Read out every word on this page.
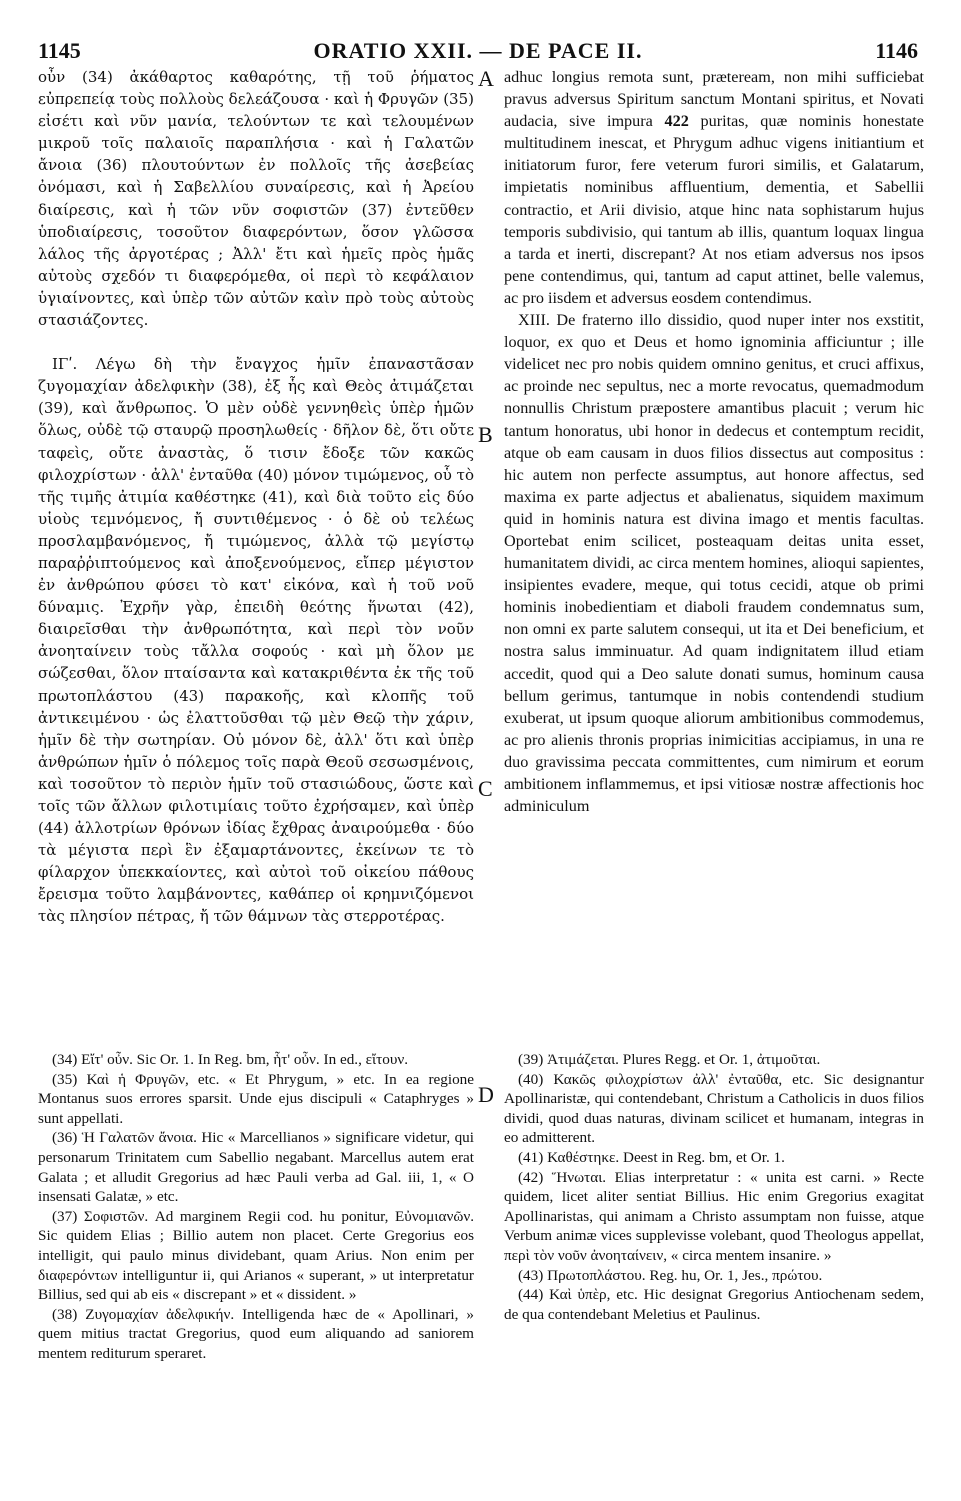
1145	ORATIO XXII. — DE PACE II.	1146
A
B
C
D

οὖν (34) ἀκάθαρτος καθαρότης, τῇ τοῦ ῥήματος εὐπρεπείᾳ τοὺς πολλοὺς δελεάζουσα · καὶ ἡ Φρυγῶν (35) εἰσέτι καὶ νῦν μανία, τελούντων τε καὶ τελουμένων μικροῦ τοῖς παλαιοῖς παραπλήσια · καὶ ἡ Γαλατῶν ἄνοια (36) πλουτούντων ἐν πολλοῖς τῆς ἀσεβείας ὀνόμασι, καὶ ἡ Σαβελλίου συναίρεσις, καὶ ἡ Ἀρείου διαίρεσις, καὶ ἡ τῶν νῦν σοφιστῶν (37) ἐντεῦθεν ὑποδιαίρεσις, τοσοῦτον διαφερόντων, ὅσον γλῶσσα λάλος τῆς ἀργοτέρας ; Ἀλλ' ἔτι καὶ ἡμεῖς πρὸς ἡμᾶς αὐτοὺς σχεδόν τι διαφερόμεθα, οἱ περὶ τὸ κεφάλαιον ὑγιαίνοντες, καὶ ὑπὲρ τῶν αὐτῶν καὶν πρὸ τοὺς αὐτοὺς στασιάζοντες.

ΙΓʹ. Λέγω δὴ τὴν ἔναγχος ἡμῖν ἐπαναστᾶσαν ζυγομαχίαν ἀδελφικὴν (38), ἐξ ἧς καὶ Θεὸς ἀτιμάζεται (39), καὶ ἄνθρωπος. Ὁ μὲν οὐδὲ γεννηθεὶς ὑπὲρ ἡμῶν ὅλως, οὐδὲ τῷ σταυρῷ προσηλωθείς · δῆλον δὲ, ὅτι οὔτε ταφεὶς, οὔτε ἀναστὰς, ὅ τισιν ἔδοξε τῶν κακῶς φιλοχρίστων · ἀλλ' ἐνταῦθα (40) μόνον τιμώμενος, οὗ τὸ τῆς τιμῆς ἀτιμία καθέστηκε (41), καὶ διὰ τοῦτο εἰς δύο υἱοὺς τεμνόμενος, ἤ συντιθέμενος · ὁ δὲ οὐ τελέως προσλαμβανόμενος, ἤ τιμώμενος, ἀλλὰ τῷ μεγίστῳ παραῤῥιπτούμενος καὶ ἀποξενούμενος, εἴπερ μέγιστον ἐν ἀνθρώπου φύσει τὸ κατ' εἰκόνα, καὶ ἡ τοῦ νοῦ δύναμις. Ἐχρῆν γὰρ, ἐπειδὴ θεότης ἥνωται (42), διαιρεῖσθαι τὴν ἀνθρωπότητα, καὶ περὶ τὸν νοῦν ἀνοηταίνειν τοὺς τἄλλα σοφούς · καὶ μὴ ὅλον με σώζεσθαι, ὅλον πταίσαντα καὶ κατακριθέντα ἐκ τῆς τοῦ πρωτοπλάστου (43) παρακοῆς, καὶ κλοπῆς τοῦ ἀντικειμένου · ὡς ἐλαττοῦσθαι τῷ μὲν Θεῷ τὴν χάριν, ἡμῖν δὲ τὴν σωτηρίαν. Οὐ μόνον δὲ, ἀλλ' ὅτι καὶ ὑπὲρ ἀνθρώπων ἡμῖν ὁ πόλεμος τοῖς παρὰ Θεοῦ σεσωσμένοις, καὶ τοσοῦτον τὸ περιὸν ἡμῖν τοῦ στασιώδους, ὥστε καὶ τοῖς τῶν ἄλλων φιλοτιμίαις τοῦτο ἐχρήσαμεν, καὶ ὑπὲρ (44) ἀλλοτρίων θρόνων ἰδίας ἔχθρας ἀναιρούμεθα · δύο τὰ μέγιστα περὶ ἓν ἐξαμαρτάνοντες, ἐκείνων τε τὸ φίλαρχον ὑπεκκαίοντες, καὶ αὐτοὶ τοῦ οἰκείου πάθους ἔρεισμα τοῦτο λαμβάνοντες, καθάπερ οἱ κρημνιζόμενοι τὰς πλησίον πέτρας, ἤ τῶν θάμνων τὰς στερροτέρας.

adhuc longius remota sunt, præteream, non mihi sufficiebat pravus adversus Spiritum sanctum Montani spiritus, et Novati audacia, sive impura 422 puritas, quæ nominis honestate multitudinem inescat, et Phrygum adhuc vigens initiantium et initiatorum furor, fere veterum furori similis, et Galatarum, impietatis nominibus affluentium, dementia, et Sabellii contractio, et Arii divisio, atque hinc nata sophistarum hujus temporis subdivisio, qui tantum ab illis, quantum loquax lingua a tarda et inerti, discrepant? At nos etiam adversus nos ipsos pene contendimus, qui, tantum ad caput attinet, belle valemus, ac pro iisdem et adversus eosdem contendimus.

XIII. De fraterno illo dissidio, quod nuper inter nos exstitit, loquor, ex quo et Deus et homo ignominia afficiuntur ; ille videlicet nec pro nobis quidem omnino genitus, et cruci affixus, ac proinde nec sepultus, nec a morte revocatus, quemadmodum nonnullis Christum præpostere amantibus placuit ; verum hic tantum honoratus, ubi honor in dedecus et contemptum recidit, atque ob eam causam in duos filios dissectus aut compositus : hic autem non perfecte assumptus, aut honore affectus, sed maxima ex parte adjectus et abalienatus, siquidem maximum quid in hominis natura est divina imago et mentis facultas. Oportebat enim scilicet, posteaquam deitas unita esset, humanitatem dividi, ac circa mentem homines, alioqui sapientes, insipientes evadere, meque, qui totus cecidi, atque ob primi hominis inobedientiam et diaboli fraudem condemnatus sum, non omni ex parte salutem consequi, ut ita et Dei beneficium, et nostra salus imminuatur. Ad quam indignitatem illud etiam accedit, quod qui a Deo salute donati sumus, hominum causa bellum gerimus, tantumque in nobis contendendi studium exuberat, ut ipsum quoque aliorum ambitionibus commodemus, ac pro alienis thronis proprias inimicitias accipiamus, in una re duo gravissima peccata committentes, cum nimirum et eorum ambitionem inflammemus, et ipsi vitiosæ nostræ affectionis hoc adminiculum

(34) Εἴτ' οὖν. Sic Or. 1. In Reg. bm, ἧτ' οὖν. In ed., εἴτουν.

(35) Καὶ ἡ Φρυγῶν, etc. « Et Phrygum, » etc. In ea regione Montanus suos errores sparsit. Unde ejus discipuli « Cataphryges » sunt appellati.

(36) Ἡ Γαλατῶν ἄνοια. Hic « Marcellianos » significare videtur, qui personarum Trinitatem cum Sabellio negabant. Marcellus autem erat Galata ; et alludit Gregorius ad hæc Pauli verba ad Gal. iii, 1, « O insensati Galatæ, » etc.

(37) Σοφιστῶν. Ad marginem Regii cod. hu ponitur, Εὐνομιανῶν. Sic quidem Elias ; Billio autem non placet. Certe Gregorius eos intelligit, qui paulo minus dividebant, quam Arius. Non enim per διαφερόντων intelliguntur ii, qui Arianos « superant, » ut interpretatur Billius, sed qui ab eis « discrepant » et « dissident. »

(38) Ζυγομαχίαν ἀδελφικήν. Intelligenda hæc de « Apollinari, » quem mitius tractat Gregorius, quod eum aliquando ad saniorem mentem rediturum speraret.

(39) Ἀτιμάζεται. Plures Regg. et Or. 1, ἀτιμοῦται.

(40) Κακῶς φιλοχρίστων ἀλλ' ἐνταῦθα, etc. Sic designantur Apollinaristæ, qui contendebant, Christum a Catholicis in duos filios dividi, quod duas naturas, divinam scilicet et humanam, integras in eo admitterent.

(41) Καθέστηκε. Deest in Reg. bm, et Or. 1.

(42) Ἥνωται. Elias interpretatur : « unita est carni. » Recte quidem, licet aliter sentiat Billius. Hic enim Gregorius exagitat Apollinaristas, qui animam a Christo assumptam non fuisse, atque Verbum animæ vices supplevisse volebant, quod Theologus appellat, περὶ τὸν νοῦν ἀνοηταίνειν, « circa mentem insanire. »

(43) Πρωτοπλάστου. Reg. hu, Or. 1, Jes., πρώτου.

(44) Καὶ ὑπὲρ, etc. Hic designat Gregorius Antiochenam sedem, de qua contendebant Meletius et Paulinus.
